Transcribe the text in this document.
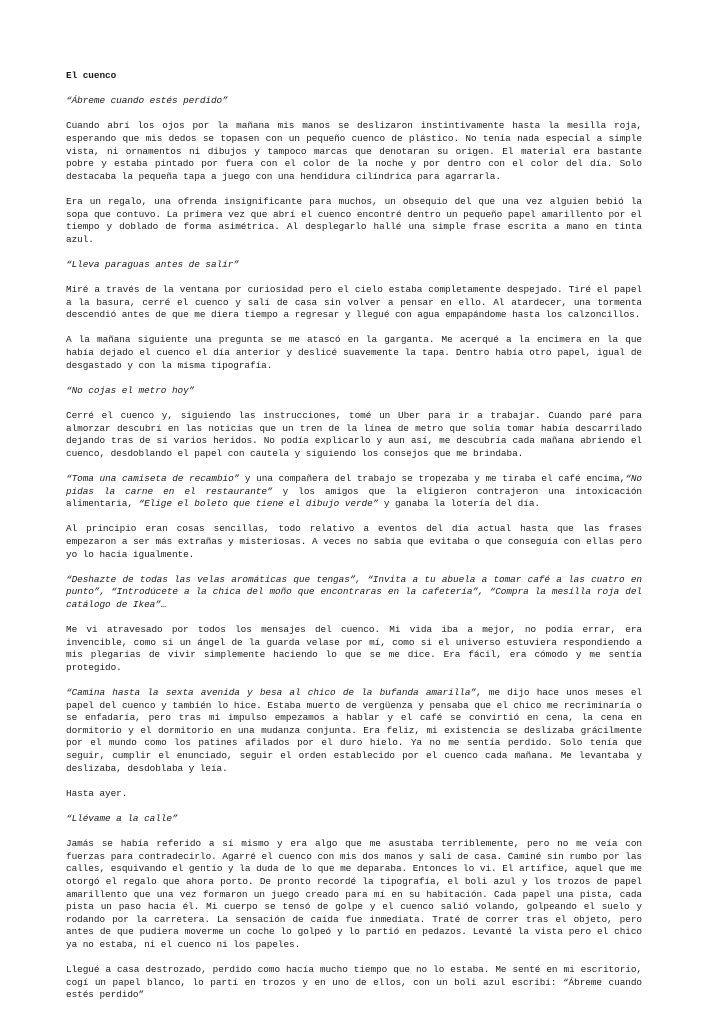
El cuenco

“Ábreme cuando estés perdido”

Cuando abrí los ojos por la mañana mis manos se deslizaron instintivamente hasta la mesilla roja, esperando que mis dedos se topasen con un pequeño cuenco de plástico. No tenía nada especial a simple vista, ni ornamentos ni dibujos y tampoco marcas que denotaran su origen. El material era bastante pobre y estaba pintado por fuera con el color de la noche y por dentro con el color del día. Solo destacaba la pequeña tapa a juego con una hendidura cilíndrica para agarrarla.

Era un regalo, una ofrenda insignificante para muchos, un obsequio del que una vez alguien bebió la sopa que contuvo. La primera vez que abrí el cuenco encontré dentro un pequeño papel amarillento por el tiempo y doblado de forma asimétrica. Al desplegarlo hallé una simple frase escrita a mano en tinta azul.

“Lleva paraguas antes de salir”

Miré a través de la ventana por curiosidad pero el cielo estaba completamente despejado. Tiré el papel a la basura, cerré el cuenco y salí de casa sin volver a pensar en ello. Al atardecer, una tormenta descendió antes de que me diera tiempo a regresar y llegué con agua empapándome hasta los calzoncillos.

A la mañana siguiente una pregunta se me atascó en la garganta. Me acerqué a la encimera en la que había dejado el cuenco el día anterior y deslicé suavemente la tapa. Dentro había otro papel, igual de desgastado y con la misma tipografía.

“No cojas el metro hoy”

Cerré el cuenco y, siguiendo las instrucciones, tomé un Uber para ir a trabajar. Cuando paré para almorzar descubrí en las noticias que un tren de la línea de metro que solía tomar había descarrilado dejando tras de sí varios heridos. No podía explicarlo y aun así, me descubría cada mañana abriendo el cuenco, desdoblando el papel con cautela y siguiendo los consejos que me brindaba.

“Toma una camiseta de recambio” y una compañera del trabajo se tropezaba y me tiraba el café encima,“No pidas la carne en el restaurante” y los amigos que la eligieron contrajeron una intoxicación alimentaria, “Elige el boleto que tiene el dibujo verde” y ganaba la lotería del día.

Al principio eran cosas sencillas, todo relativo a eventos del día actual hasta que las frases empezaron a ser más extrañas y misteriosas. A veces no sabía que evitaba o que conseguía con ellas pero yo lo hacía igualmente.

“Deshazte de todas las velas aromáticas que tengas”, “Invita a tu abuela a tomar café a las cuatro en punto”, “Introdúcete a la chica del moño que encontraras en la cafetería”, “Compra la mesilla roja del catálogo de Ikea”…

Me vi atravesado por todos los mensajes del cuenco. Mi vida iba a mejor, no podía errar, era invencible, como si un ángel de la guarda velase por mí, como si el universo estuviera respondiendo a mis plegarias de vivir simplemente haciendo lo que se me dice. Era fácil, era cómodo y me sentía protegido.

“Camina hasta la sexta avenida y besa al chico de la bufanda amarilla”, me dijo hace unos meses el papel del cuenco y también lo hice. Estaba muerto de vergüenza y pensaba que el chico me recriminaría o se enfadaría, pero tras mi impulso empezamos a hablar y el café se convirtió en cena, la cena en dormitorio y el dormitorio en una mudanza conjunta. Era feliz, mi existencia se deslizaba grácilmente por el mundo como los patines afilados por el duro hielo. Ya no me sentía perdido. Solo tenía que seguir, cumplir el enunciado, seguir el orden establecido por el cuenco cada mañana. Me levantaba y deslizaba, desdoblaba y leía.

Hasta ayer.

“Llévame a la calle”

Jamás se había referido a sí mismo y era algo que me asustaba terriblemente, pero no me veía con fuerzas para contradecirlo. Agarré el cuenco con mis dos manos y salí de casa. Caminé sin rumbo por las calles, esquivando el gentío y la duda de lo que me deparaba. Entonces lo vi. El artífice, aquel que me otorgó el regalo que ahora porto. De pronto recordé la tipografía, el boli azul y los trozos de papel amarillento que una vez formaron un juego creado para mí en su habitación. Cada papel una pista, cada pista un paso hacia él. Mi cuerpo se tensó de golpe y el cuenco salió volando, golpeando el suelo y rodando por la carretera. La sensación de caída fue inmediata. Traté de correr tras el objeto, pero antes de que pudiera moverme un coche lo golpeó y lo partió en pedazos. Levanté la vista pero el chico ya no estaba, ni el cuenco ni los papeles.

Llegué a casa destrozado, perdido como hacía mucho tiempo que no lo estaba. Me senté en mi escritorio, cogí un papel blanco, lo partí en trozos y en uno de ellos, con un boli azul escribí: “Ábreme cuando estés perdido”
